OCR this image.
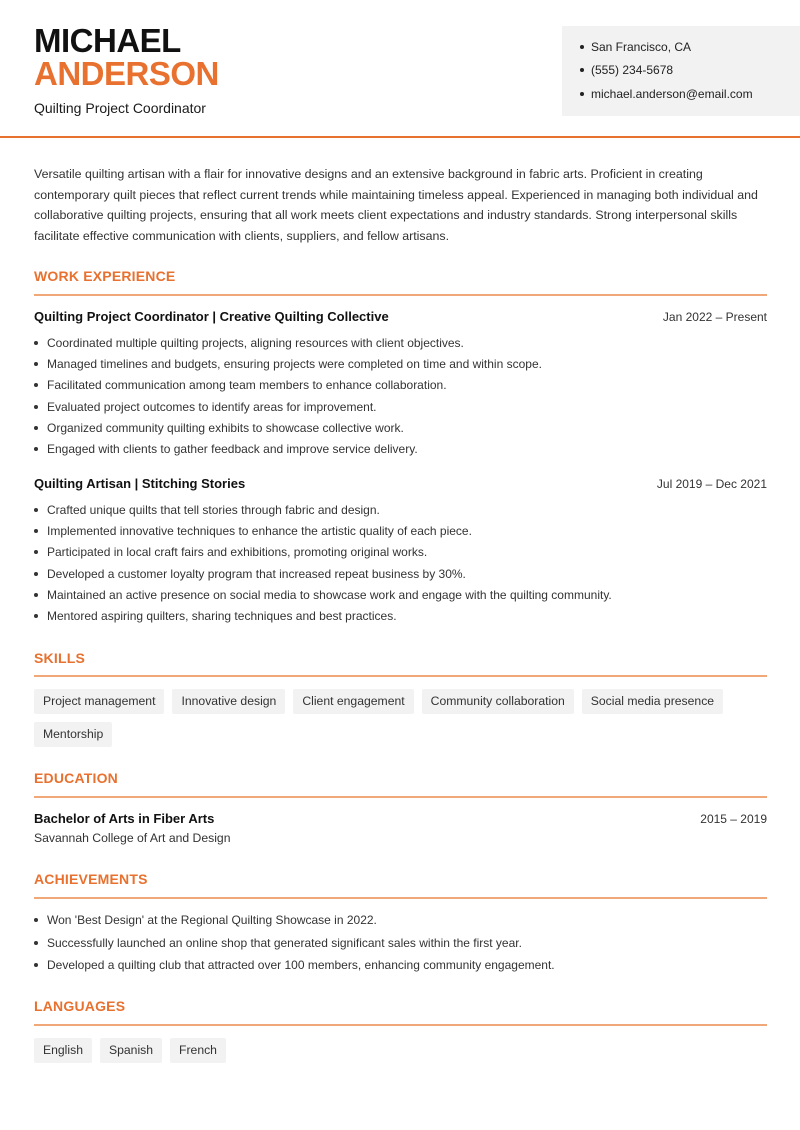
MICHAEL
ANDERSON
Quilting Project Coordinator
San Francisco, CA
(555) 234-5678
michael.anderson@email.com
Versatile quilting artisan with a flair for innovative designs and an extensive background in fabric arts. Proficient in creating contemporary quilt pieces that reflect current trends while maintaining timeless appeal. Experienced in managing both individual and collaborative quilting projects, ensuring that all work meets client expectations and industry standards. Strong interpersonal skills facilitate effective communication with clients, suppliers, and fellow artisans.
WORK EXPERIENCE
Quilting Project Coordinator | Creative Quilting Collective	Jan 2022 – Present
Coordinated multiple quilting projects, aligning resources with client objectives.
Managed timelines and budgets, ensuring projects were completed on time and within scope.
Facilitated communication among team members to enhance collaboration.
Evaluated project outcomes to identify areas for improvement.
Organized community quilting exhibits to showcase collective work.
Engaged with clients to gather feedback and improve service delivery.
Quilting Artisan | Stitching Stories	Jul 2019 – Dec 2021
Crafted unique quilts that tell stories through fabric and design.
Implemented innovative techniques to enhance the artistic quality of each piece.
Participated in local craft fairs and exhibitions, promoting original works.
Developed a customer loyalty program that increased repeat business by 30%.
Maintained an active presence on social media to showcase work and engage with the quilting community.
Mentored aspiring quilters, sharing techniques and best practices.
SKILLS
Project management	Innovative design	Client engagement	Community collaboration	Social media presence
Mentorship
EDUCATION
Bachelor of Arts in Fiber Arts	2015 – 2019
Savannah College of Art and Design
ACHIEVEMENTS
Won 'Best Design' at the Regional Quilting Showcase in 2022.
Successfully launched an online shop that generated significant sales within the first year.
Developed a quilting club that attracted over 100 members, enhancing community engagement.
LANGUAGES
English	Spanish	French
